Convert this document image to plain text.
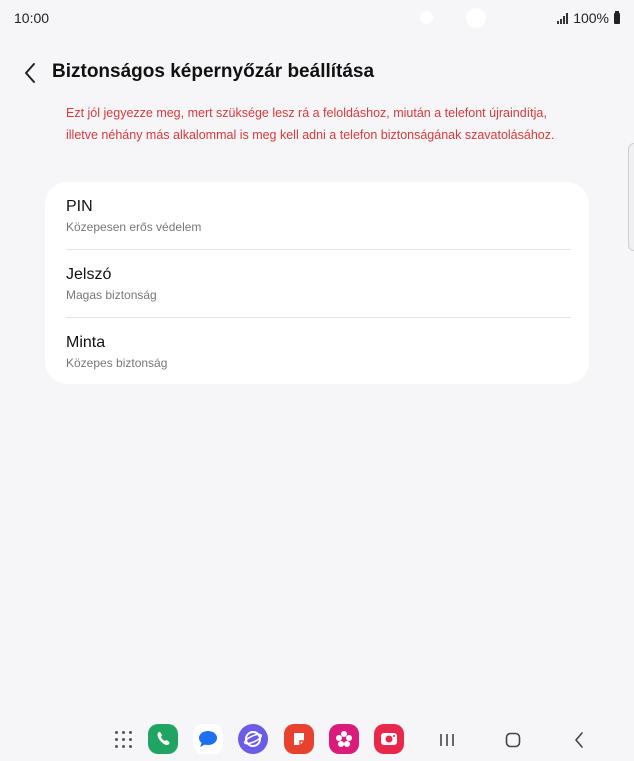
10:00	100%
Biztonságos képernyőzár beállítása
Ezt jól jegyezze meg, mert szüksége lesz rá a feloldáshoz, miután a telefont újraindítja, illetve néhány más alkalommal is meg kell adni a telefon biztonságának szavatolásához.
PIN
Közepesen erős védelem
Jelszó
Magas biztonság
Minta
Közepes biztonság
